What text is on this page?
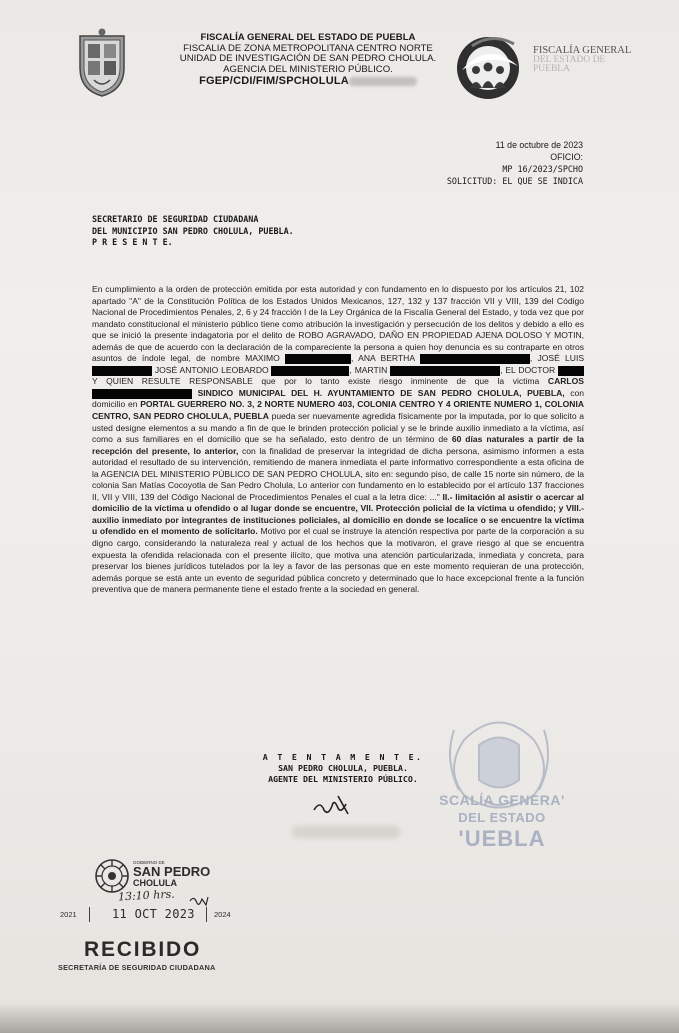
FISCALÍA GENERAL DEL ESTADO DE PUEBLA
FISCALIA DE ZONA METROPOLITANA CENTRO NORTE
UNIDAD DE INVESTIGACIÓN DE SAN PEDRO CHOLULA.
AGENCIA DEL MINISTERIO PÚBLICO.
FGEP/CDI/FIM/SPCHOLULA
FISCALÍA GENERAL
DEL ESTADO DE
PUEBLA
11 de octubre de 2023
OFICIO:
MP 16/2023/SPCHO
SOLICITUD: EL QUE SE INDICA
SECRETARIO DE SEGURIDAD CIUDADANA
DEL MUNICIPIO SAN PEDRO CHOLULA, PUEBLA.
P R E S E N T E.
En cumplimiento a la orden de protección emitida por esta autoridad y con fundamento en lo dispuesto por los artículos 21, 102 apartado "A" de la Constitución Política de los Estados Unidos Mexicanos, 127, 132 y 137 fracción VII y VIII, 139 del Código Nacional de Procedimientos Penales, 2, 6 y 24 fracción I de la Ley Orgánica de la Fiscalía General del Estado, y toda vez que por mandato constitucional el ministerio público tiene como atribución la investigación y persecución de los delitos y debido a ello es que se inició la presente indagatoria por el delito de ROBO AGRAVADO, DAÑO EN PROPIEDAD AJENA DOLOSO Y MOTIN, además de que de acuerdo con la declaración de la compareciente la persona a quien hoy denuncia es su contraparte en otros asuntos de índole legal, de nombre MAXIMO	, ANA BERTHA	, JOSÉ LUIS  JOSÉ ANTONIO LEOBARDO	, MARTIN	, EL DOCTOR  Y QUIEN RESULTE RESPONSABLE que por lo tanto existe riesgo inminente de que la victima CARLOS  SINDICO MUNICIPAL DEL H. AYUNTAMIENTO DE SAN PEDRO CHOLULA, PUEBLA, con domicilio en PORTAL GUERRERO NO. 3, 2 NORTE NUMERO 403, COLONIA CENTRO Y 4 ORIENTE NUMERO 1, COLONIA CENTRO, SAN PEDRO CHOLULA, PUEBLA pueda ser nuevamente agredida físicamente por la imputada, por lo que solicito a usted designe elementos a su mando a fin de que le brinden protección policial y se le brinde auxilio inmediato a la víctima, así como a sus familiares en el domicilio que se ha señalado, esto dentro de un término de 60 días naturales a partir de la recepción del presente, lo anterior, con la finalidad de preservar la integridad de dicha persona, asimismo informen a esta autoridad el resultado de su intervención, remitiendo de manera inmediata el parte informativo correspondiente a esta oficina de la AGENCIA DEL MINISTERIO PÚBLICO DE SAN PEDRO CHOLULA, sito en: segundo piso, de calle 15 norte sin número, de la colonia San Matías Cocoyotla de San Pedro Cholula, Lo anterior con fundamento en lo establecido por el artículo 137 fracciones II, VII y VIII, 139 del Código Nacional de Procedimientos Penales el cual a la letra dice: ..." II.- limitación al asistir o acercar al domicilio de la víctima u ofendido o al lugar donde se encuentre, VII. Protección policial de la víctima u ofendido; y VIII.- auxilio inmediato por integrantes de instituciones policiales, al domicilio en donde se localice o se encuentre la víctima u ofendido en el momento de solicitarlo. Motivo por el cual se instruye la atención respectiva por parte de la corporación a su digno cargo, considerando la naturaleza real y actual de los hechos que la motivaron, el grave riesgo al que se encuentra expuesta la ofendida relacionada con el presente ilícito, que motiva una atención particularizada, inmediata y concreta, para preservar los bienes jurídicos tutelados por la ley a favor de las personas que en este momento requieran de una protección, además porque se está ante un evento de seguridad pública concreto y determinado que lo hace excepcional frente a la función preventiva que de manera permanente tiene el estado frente a la sociedad en general.
SCALÍA GENERA'
DEL ESTADO
'UEBLA
A T E N T A M E N T E.
SAN PEDRO CHOLULA, PUEBLA.
AGENTE DEL MINISTERIO PÚBLICO.
GOBIERNO DE
SAN PEDRO
CHOLULA
13:10 hrs.
2021	11 OCT 2023	2024
RECIBIDO
SECRETARÍA DE SEGURIDAD CIUDADANA
